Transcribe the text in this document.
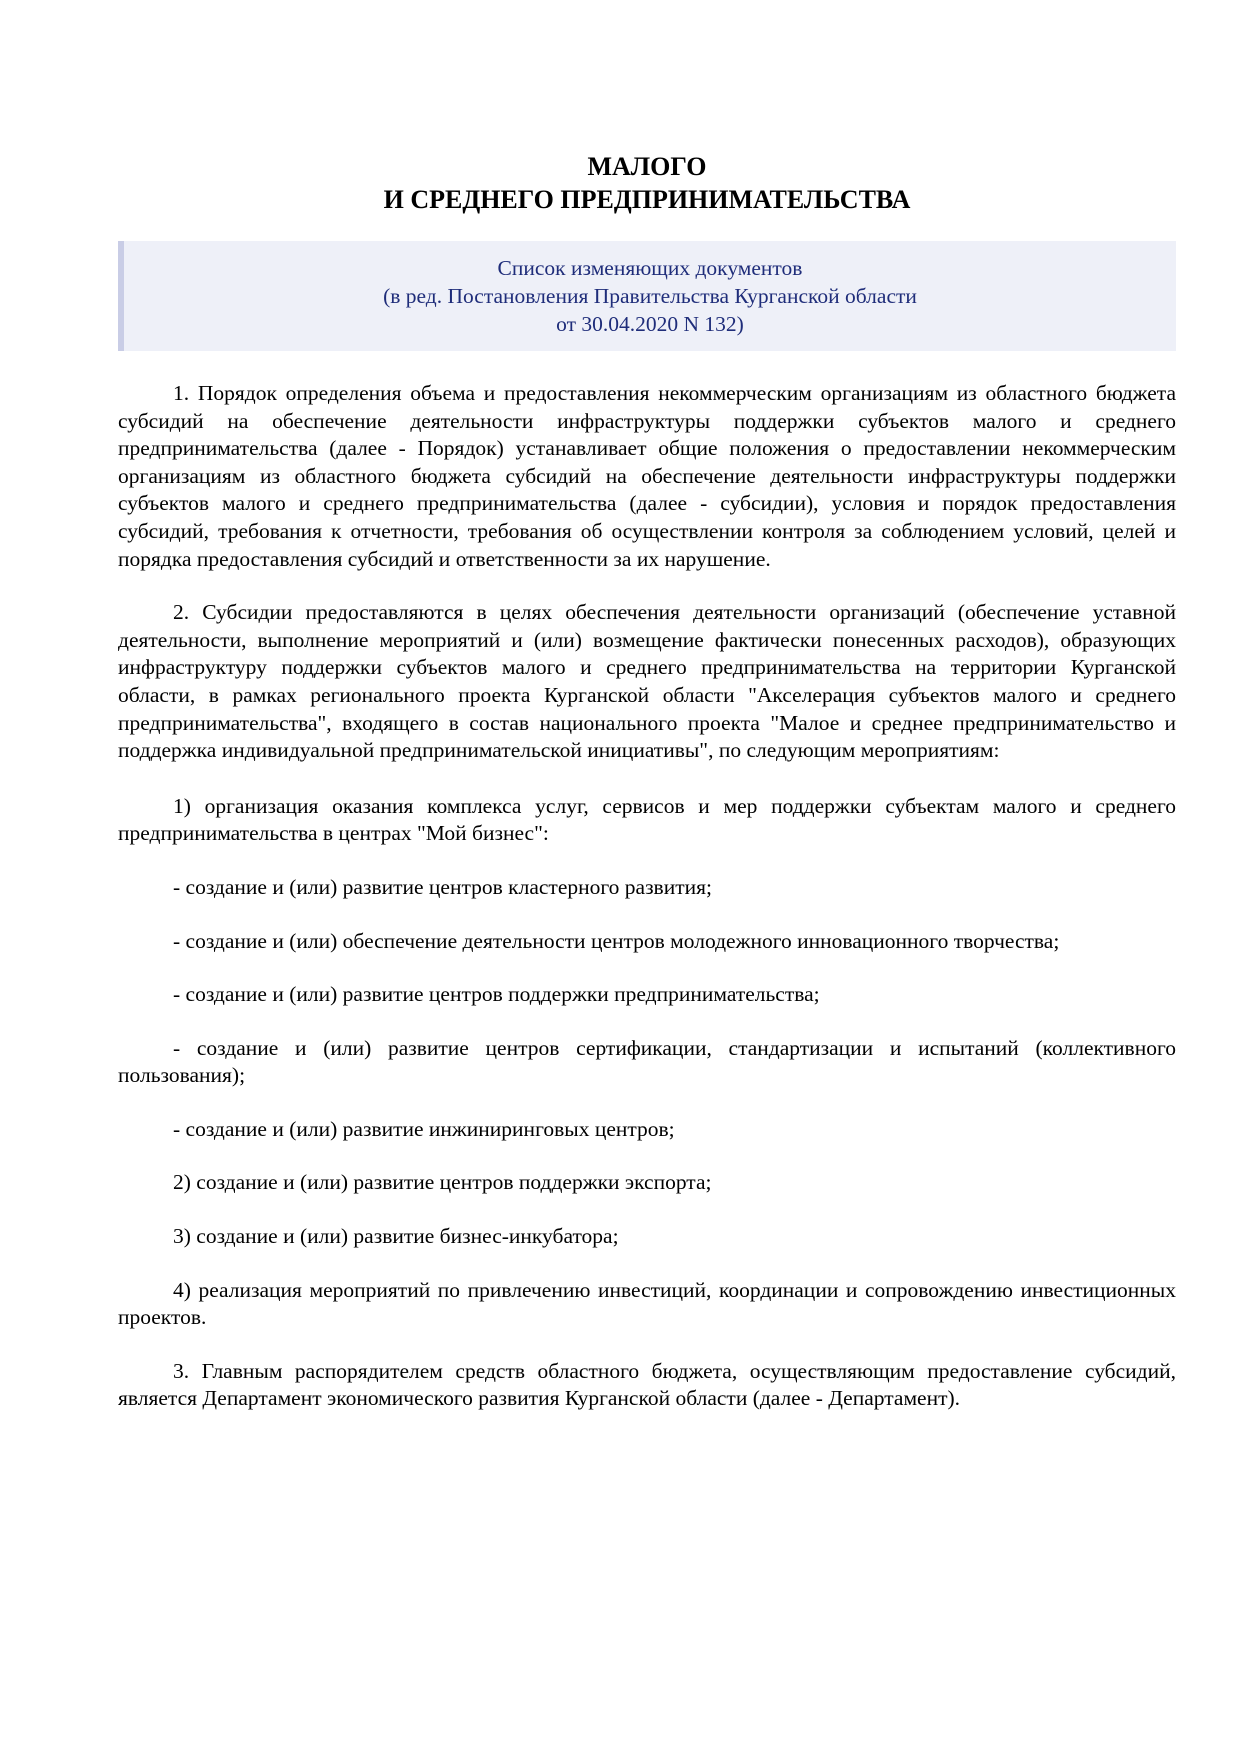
МАЛОГО
И СРЕДНЕГО ПРЕДПРИНИМАТЕЛЬСТВА
Список изменяющих документов
(в ред. Постановления Правительства Курганской области
от 30.04.2020 N 132)

1. Порядок определения объема и предоставления некоммерческим организациям из областного бюджета субсидий на обеспечение деятельности инфраструктуры поддержки субъектов малого и среднего предпринимательства (далее - Порядок) устанавливает общие положения о предоставлении некоммерческим организациям из областного бюджета субсидий на обеспечение деятельности инфраструктуры поддержки субъектов малого и среднего предпринимательства (далее - субсидии), условия и порядок предоставления субсидий, требования к отчетности, требования об осуществлении контроля за соблюдением условий, целей и порядка предоставления субсидий и ответственности за их нарушение.

2. Субсидии предоставляются в целях обеспечения деятельности организаций (обеспечение уставной деятельности, выполнение мероприятий и (или) возмещение фактически понесенных расходов), образующих инфраструктуру поддержки субъектов малого и среднего предпринимательства на территории Курганской области, в рамках регионального проекта Курганской области "Акселерация субъектов малого и среднего предпринимательства", входящего в состав национального проекта "Малое и среднее предпринимательство и поддержка индивидуальной предпринимательской инициативы", по следующим мероприятиям:

1) организация оказания комплекса услуг, сервисов и мер поддержки субъектам малого и среднего предпринимательства в центрах "Мой бизнес":

- создание и (или) развитие центров кластерного развития;

- создание и (или) обеспечение деятельности центров молодежного инновационного творчества;

- создание и (или) развитие центров поддержки предпринимательства;

- создание и (или) развитие центров сертификации, стандартизации и испытаний (коллективного пользования);

- создание и (или) развитие инжиниринговых центров;

2) создание и (или) развитие центров поддержки экспорта;

3) создание и (или) развитие бизнес-инкубатора;

4) реализация мероприятий по привлечению инвестиций, координации и сопровождению инвестиционных проектов.

3. Главным распорядителем средств областного бюджета, осуществляющим предоставление субсидий, является Департамент экономического развития Курганской области (далее - Департамент).
